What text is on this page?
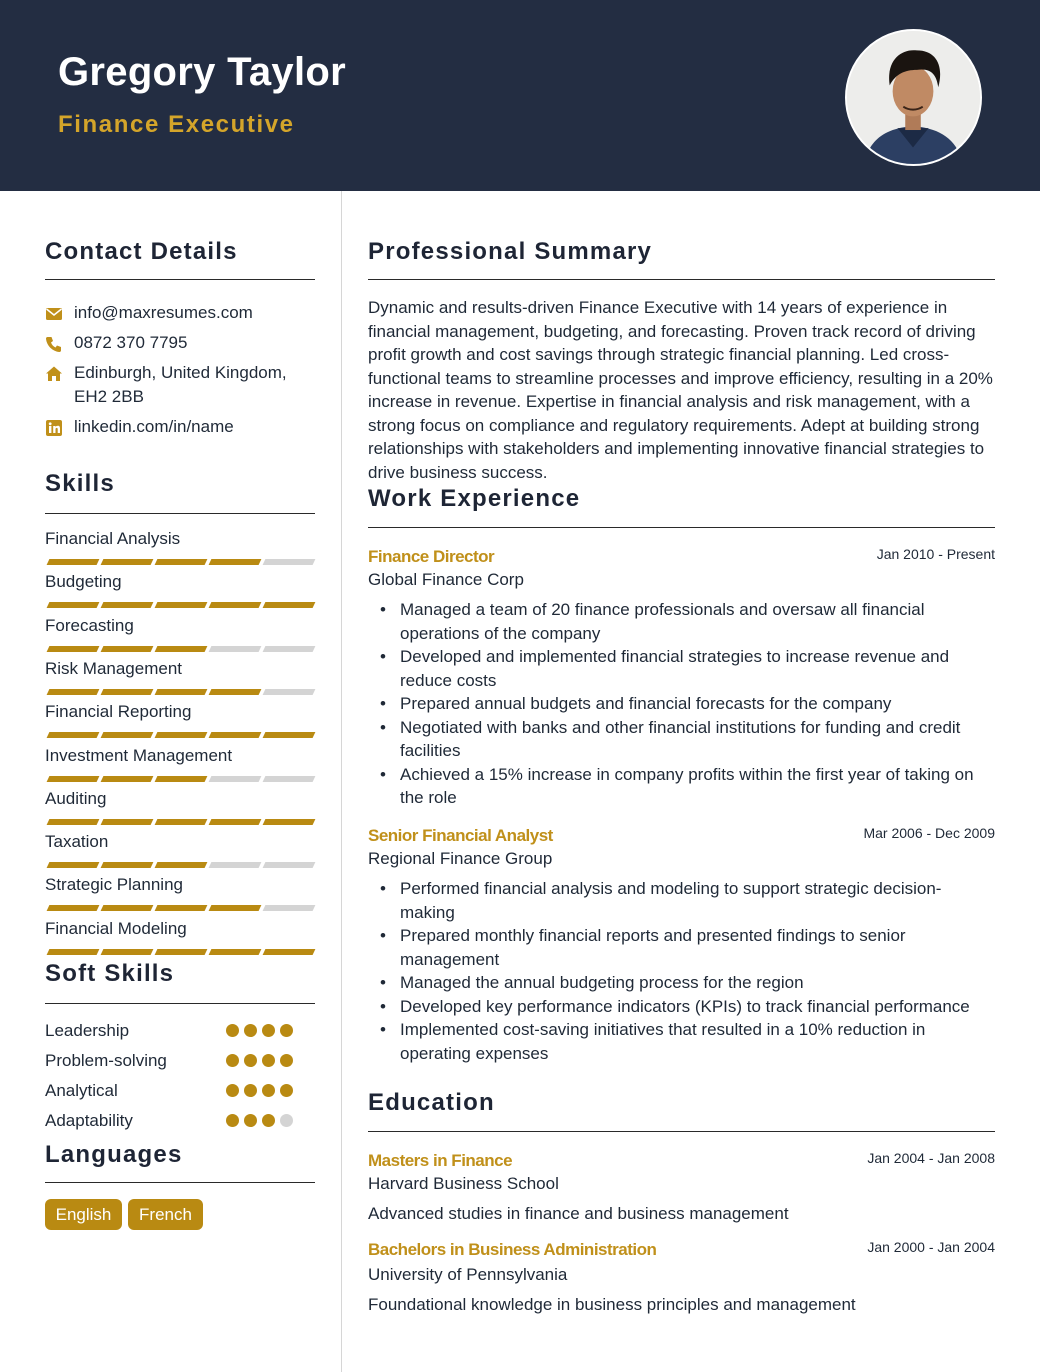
Gregory Taylor
Finance Executive
Contact Details
info@maxresumes.com
0872 370 7795
Edinburgh, United Kingdom, EH2 2BB
linkedin.com/in/name
Skills
Financial Analysis
Budgeting
Forecasting
Risk Management
Financial Reporting
Investment Management
Auditing
Taxation
Strategic Planning
Financial Modeling
Soft Skills
Leadership
Problem-solving
Analytical
Adaptability
Languages
English	French
Professional Summary

Dynamic and results-driven Finance Executive with 14 years of experience in financial management, budgeting, and forecasting. Proven track record of driving profit growth and cost savings through strategic financial planning. Led cross-functional teams to streamline processes and improve efficiency, resulting in a 20% increase in revenue. Expertise in financial analysis and risk management, with a strong focus on compliance and regulatory requirements. Adept at building strong relationships with stakeholders and implementing innovative financial strategies to drive business success.

Work Experience
Finance Director	Jan 2010 - Present
Global Finance Corp
• Managed a team of 20 finance professionals and oversaw all financial operations of the company
• Developed and implemented financial strategies to increase revenue and reduce costs
• Prepared annual budgets and financial forecasts for the company
• Negotiated with banks and other financial institutions for funding and credit facilities
• Achieved a 15% increase in company profits within the first year of taking on the role
Senior Financial Analyst	Mar 2006 - Dec 2009
Regional Finance Group
• Performed financial analysis and modeling to support strategic decision-making
• Prepared monthly financial reports and presented findings to senior management
• Managed the annual budgeting process for the region
• Developed key performance indicators (KPIs) to track financial performance
• Implemented cost-saving initiatives that resulted in a 10% reduction in operating expenses
Education
Masters in Finance	Jan 2004 - Jan 2008
Harvard Business School
Advanced studies in finance and business management
Bachelors in Business Administration	Jan 2000 - Jan 2004
University of Pennsylvania
Foundational knowledge in business principles and management
